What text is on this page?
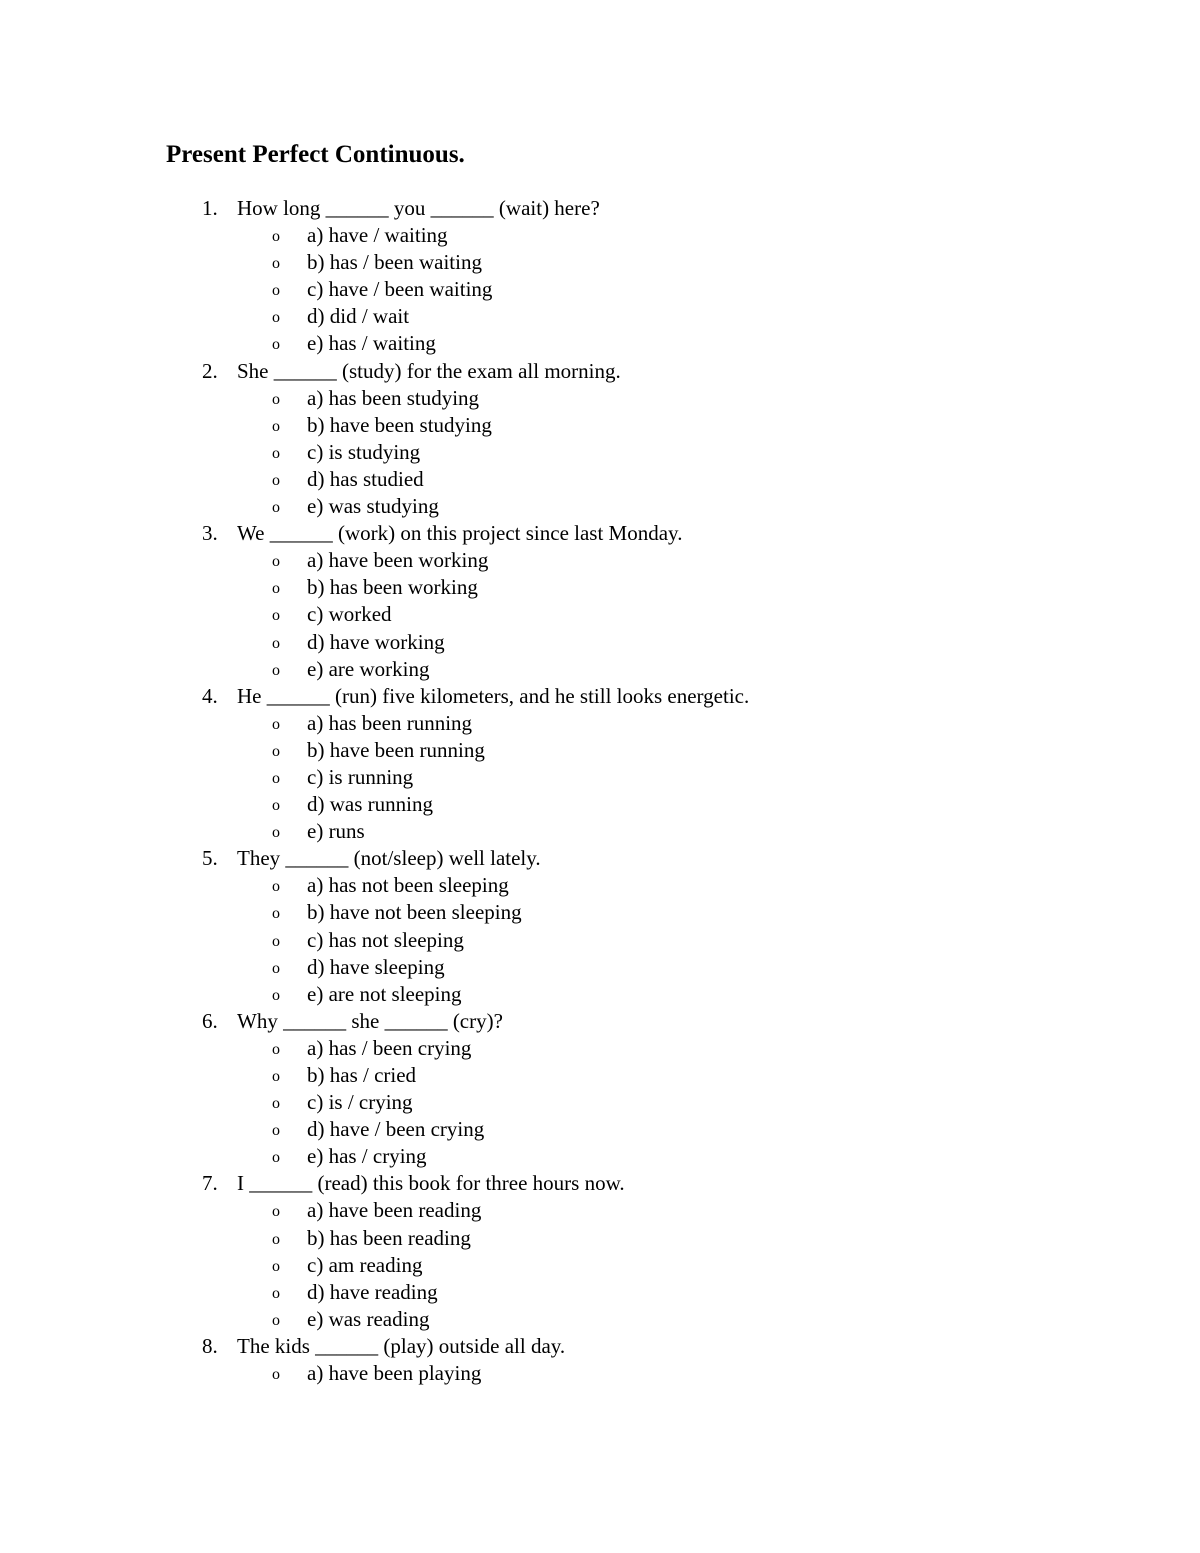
Present Perfect Continuous.
1. How long ______ you ______ (wait) here?
o a) have / waiting
o b) has / been waiting
o c) have / been waiting
o d) did / wait
o e) has / waiting
2. She ______ (study) for the exam all morning.
o a) has been studying
o b) have been studying
o c) is studying
o d) has studied
o e) was studying
3. We ______ (work) on this project since last Monday.
o a) have been working
o b) has been working
o c) worked
o d) have working
o e) are working
4. He ______ (run) five kilometers, and he still looks energetic.
o a) has been running
o b) have been running
o c) is running
o d) was running
o e) runs
5. They ______ (not/sleep) well lately.
o a) has not been sleeping
o b) have not been sleeping
o c) has not sleeping
o d) have sleeping
o e) are not sleeping
6. Why ______ she ______ (cry)?
o a) has / been crying
o b) has / cried
o c) is / crying
o d) have / been crying
o e) has / crying
7. I ______ (read) this book for three hours now.
o a) have been reading
o b) has been reading
o c) am reading
o d) have reading
o e) was reading
8. The kids ______ (play) outside all day.
o a) have been playing
